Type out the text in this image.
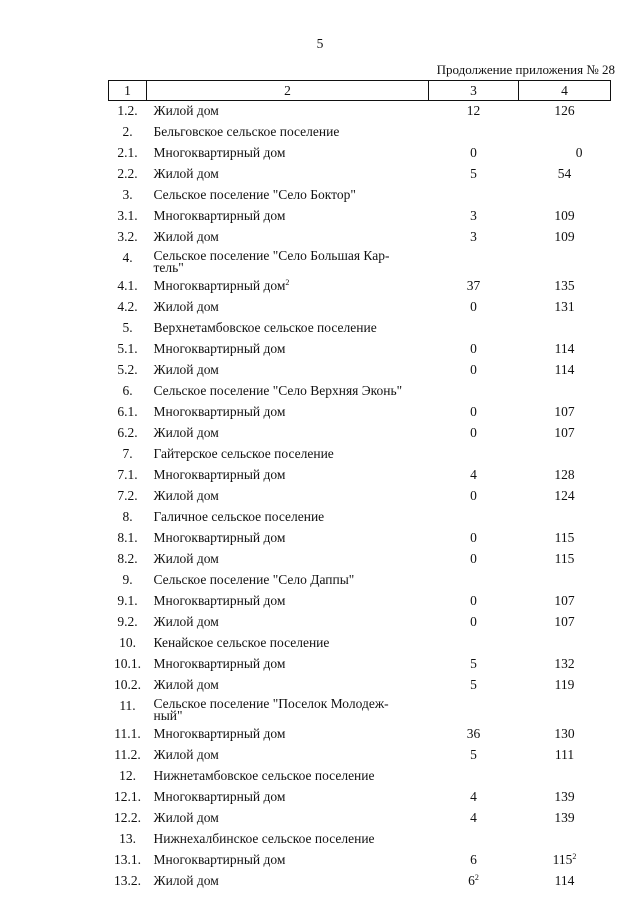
5
Продолжение приложения № 28
1	2	3	4
1.2.	Жилой дом	12	126
2.	Бельговское сельское поселение		
2.1.	Многоквартирный дом	0	0
2.2.	Жилой дом	5	54
3.	Сельское поселение "Село Боктор"		
3.1.	Многоквартирный дом	3	109
3.2.	Жилой дом	3	109
4.	Сельское поселение "Село Большая Кар-
тель"		

4.1.	Многоквартирный дом$^2$	37	135
4.2.	Жилой дом	0	131
5.	Верхнетамбовское сельское поселение		
5.1.	Многоквартирный дом	0	114
5.2.	Жилой дом	0	114
6.	Сельское поселение "Село Верхняя Эконь"		
6.1.	Многоквартирный дом	0	107
6.2.	Жилой дом	0	107
7.	Гайтерское сельское поселение		
7.1.	Многоквартирный дом	4	128
7.2.	Жилой дом	0	124
8.	Галичное сельское поселение		
8.1.	Многоквартирный дом	0	115
8.2.	Жилой дом	0	115
9.	Сельское поселение "Село Даппы"		
9.1.	Многоквартирный дом	0	107
9.2.	Жилой дом	0	107
10.	Кенайское сельское поселение		
10.1.	Многоквартирный дом	5	132
10.2.	Жилой дом	5	119
11.	Сельское поселение "Поселок Молодеж-
ный"		

11.1.	Многоквартирный дом	36	130
11.2.	Жилой дом	5	111
12.	Нижнетамбовское сельское поселение		
12.1.	Многоквартирный дом	4	139
12.2.	Жилой дом	4	139
13.	Нижнехалбинское сельское поселение		
13.1.	Многоквартирный дом	6	$115^2$
13.2.	Жилой дом	$6^2$	114
